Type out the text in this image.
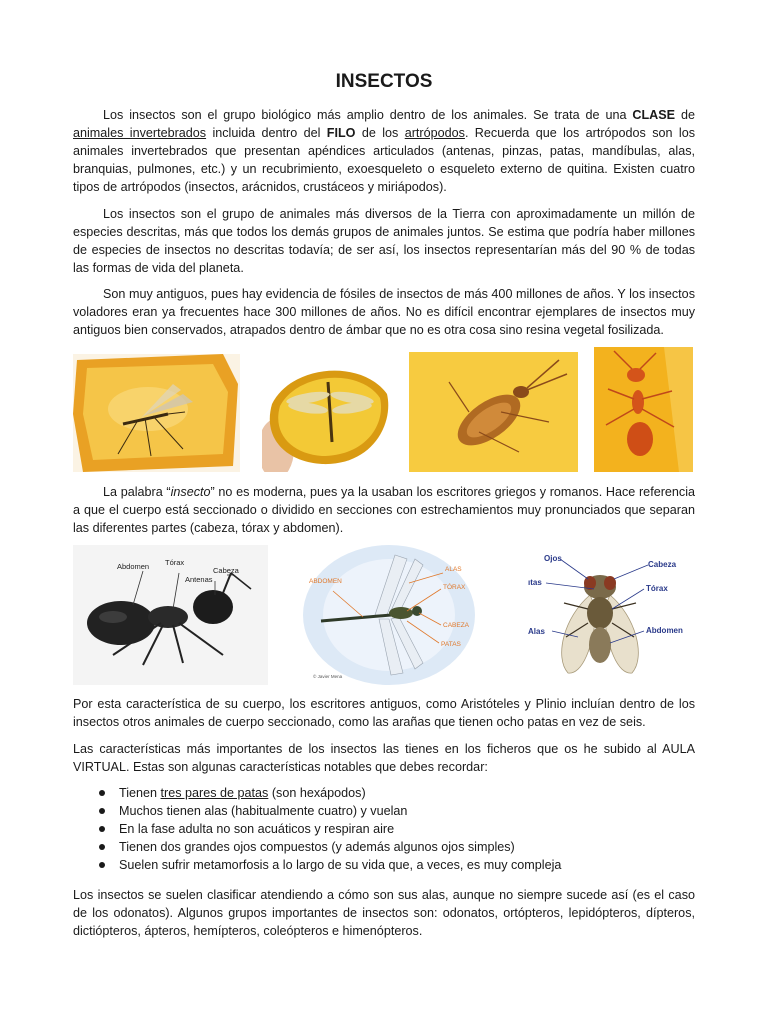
INSECTOS

Los insectos son el grupo biológico más amplio dentro de los animales. Se trata de una CLASE de animales invertebrados incluida dentro del FILO de los artrópodos. Recuerda que los artrópodos son los animales invertebrados que presentan apéndices articulados (antenas, pinzas, patas, mandíbulas, alas, branquias, pulmones, etc.) y un recubrimiento, exoesqueleto o esqueleto externo de quitina. Existen cuatro tipos de artrópodos (insectos, arácnidos, crustáceos y miriápodos).

Los insectos son el grupo de animales más diversos de la Tierra con aproximadamente un millón de especies descritas, más que todos los demás grupos de animales juntos. Se estima que podría haber millones de especies de insectos no descritas todavía; de ser así, los insectos representarían más del 90 % de todas las formas de vida del planeta.

Son muy antiguos, pues hay evidencia de fósiles de insectos de más 400 millones de años. Y los insectos voladores eran ya frecuentes hace 300 millones de años. No es difícil encontrar ejemplares de insectos muy antiguos bien conservados, atrapados dentro de ámbar que no es otra cosa sino resina vegetal fosilizada.

La palabra “insecto” no es moderna, pues ya la usaban los escritores griegos y romanos. Hace referencia a que el cuerpo está seccionado o dividido en secciones con estrechamientos muy pronunciados que separan las diferentes partes (cabeza, tórax y abdomen).

Abdomen Tórax
Cabeza
Antenas	ABDOMEN
ALAS
TÓRAX
CABEZA
PATAS
© Javier Mena
Ojos
Cabeza
ıtas
Tórax
Alas	Abdomen

Por esta característica de su cuerpo, los escritores antiguos, como Aristóteles y Plinio incluían dentro de los insectos otros animales de cuerpo seccionado, como las arañas que tienen ocho patas en vez de seis.

Las características más importantes de los insectos las tienes en los ficheros que os he subido al AULA VIRTUAL. Estas son algunas características notables que debes recordar:

Tienen tres pares de patas (son hexápodos)
Muchos tienen alas (habitualmente cuatro) y vuelan
En la fase adulta no son acuáticos y respiran aire
Tienen dos grandes ojos compuestos (y además algunos ojos simples)
Suelen sufrir metamorfosis a lo largo de su vida que, a veces, es muy compleja

Los insectos se suelen clasificar atendiendo a cómo son sus alas, aunque no siempre sucede así (es el caso de los odonatos). Algunos grupos importantes de insectos son: odonatos, ortópteros, lepidópteros, dípteros, dictiópteros, ápteros, hemípteros, coleópteros e himenópteros.
